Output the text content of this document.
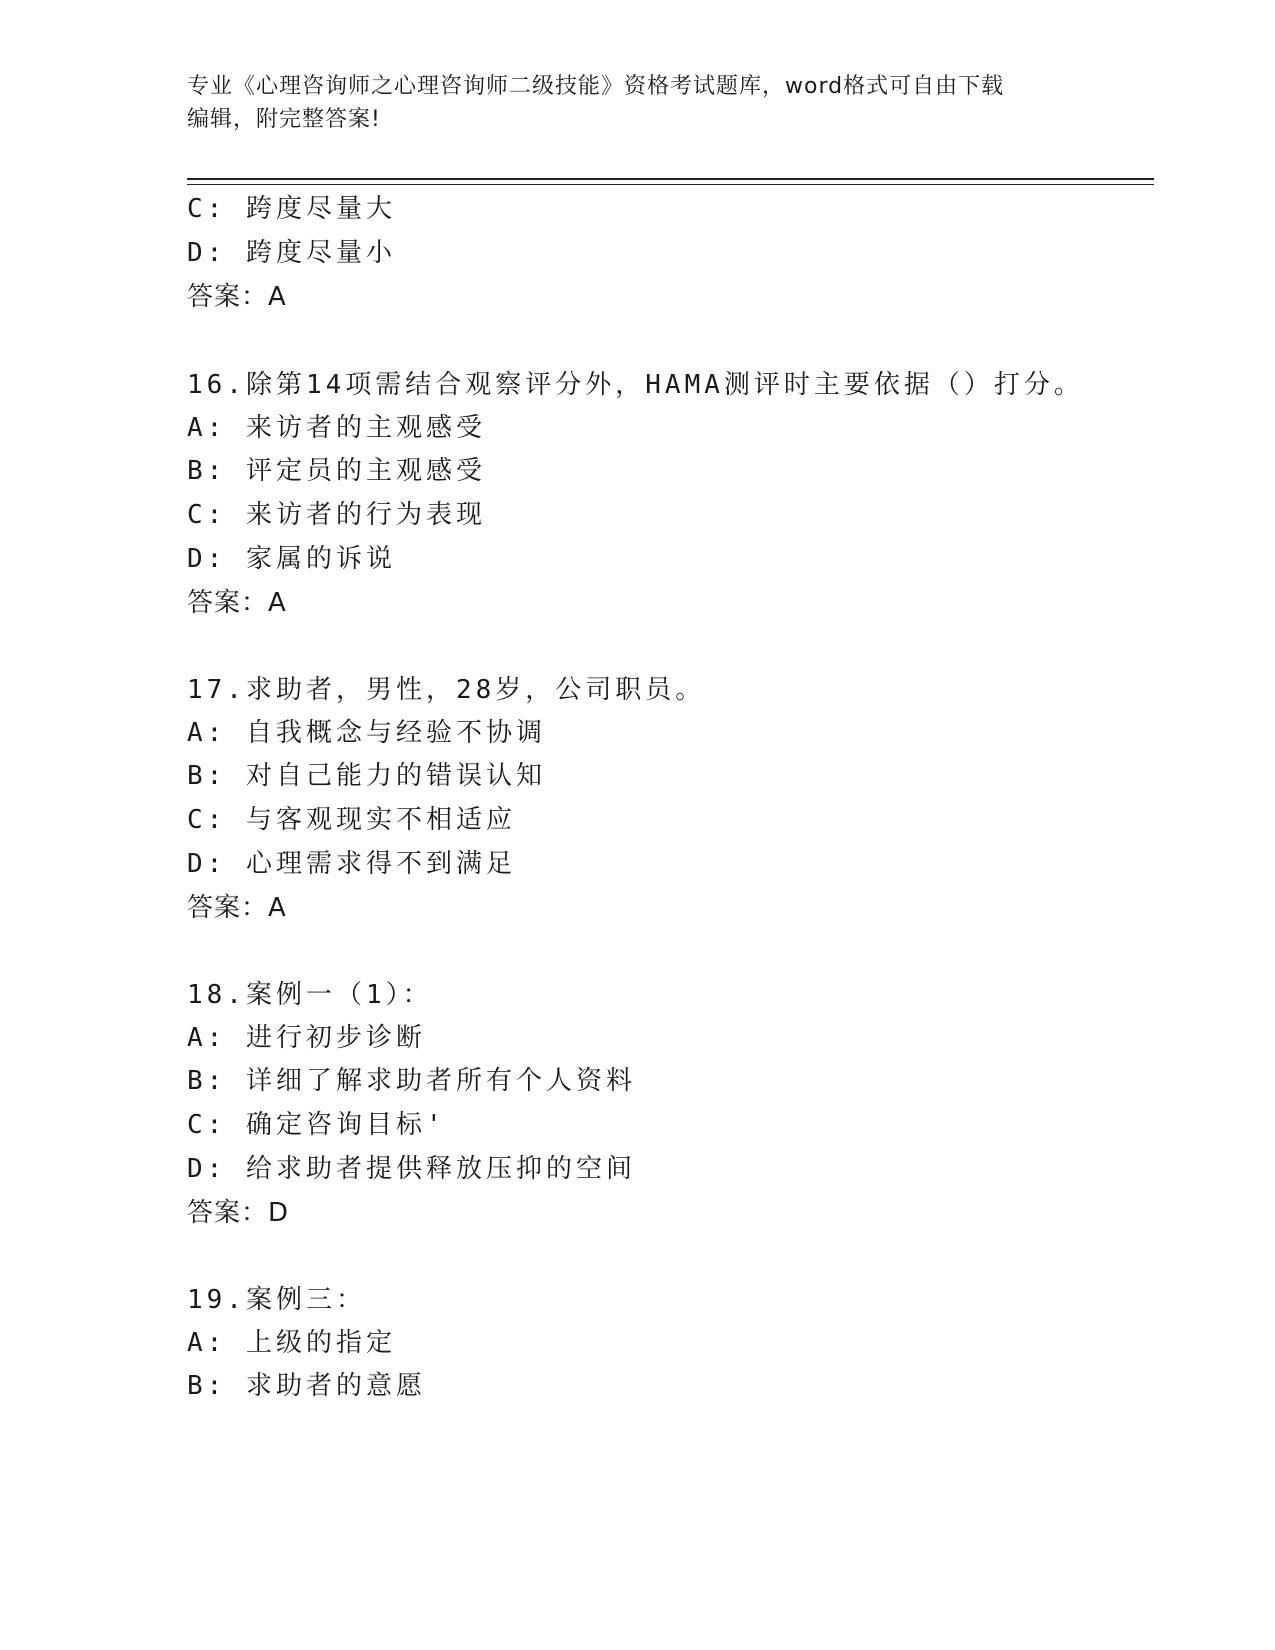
专业《心理咨询师之心理咨询师二级技能》资格考试题库，word格式可自由下载
编辑，附完整答案!
C: 跨度尽量大
D: 跨度尽量小
答案：A
16.除第14项需结合观察评分外，HAMA测评时主要依据（）打分。
A: 来访者的主观感受
B: 评定员的主观感受
C: 来访者的行为表现
D: 家属的诉说
答案：A
17.求助者，男性，28岁，公司职员。
A: 自我概念与经验不协调
B: 对自己能力的错误认知
C: 与客观现实不相适应
D: 心理需求得不到满足
答案：A
18.案例一（1）：
A: 进行初步诊断
B: 详细了解求助者所有个人资料
C: 确定咨询目标'
D: 给求助者提供释放压抑的空间
答案：D
19.案例三：
A: 上级的指定
B: 求助者的意愿
